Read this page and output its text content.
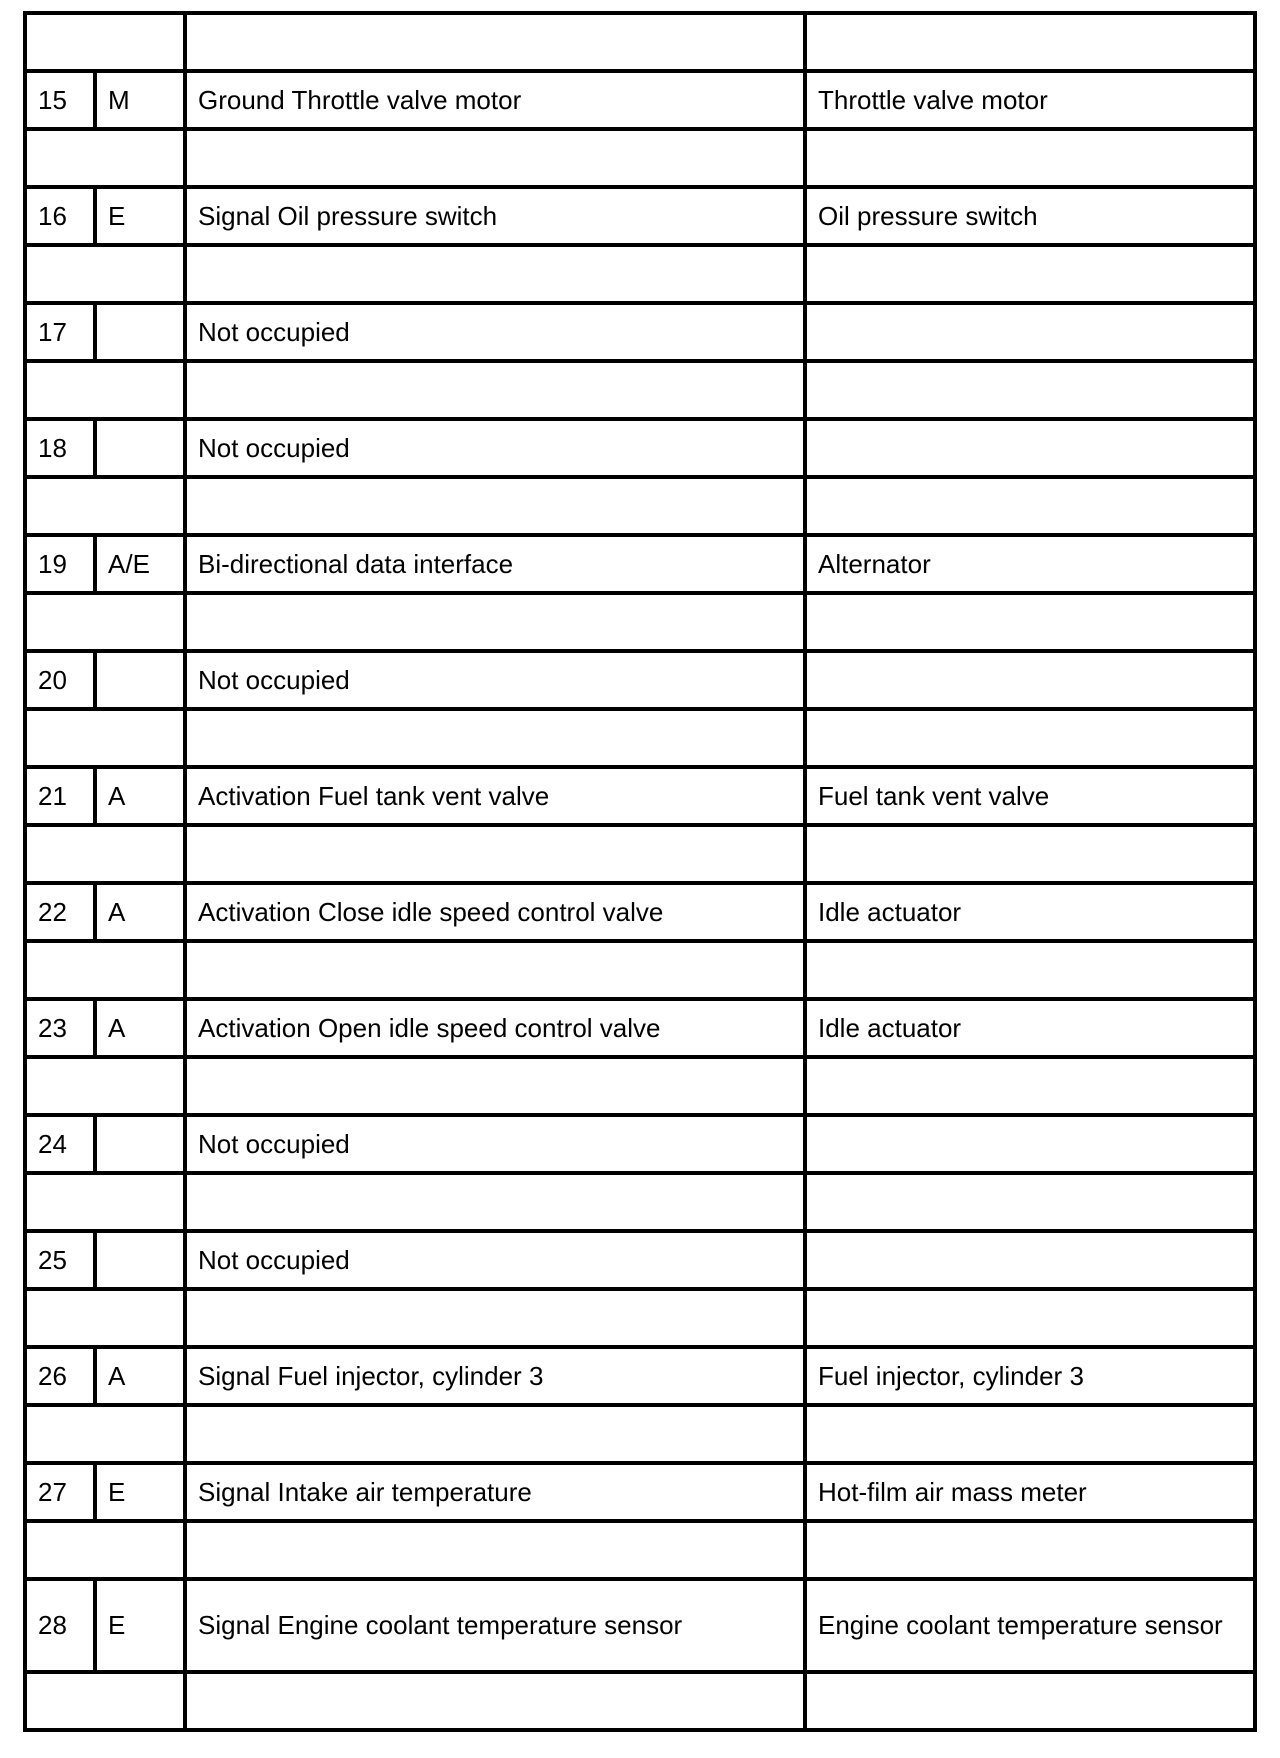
15	M	Ground Throttle valve motor	Throttle valve motor

16	E	Signal Oil pressure switch	Oil pressure switch

17		Not occupied	

18		Not occupied	

19	A/E	Bi-directional data interface	Alternator

20		Not occupied	

21	A	Activation Fuel tank vent valve	Fuel tank vent valve

22	A	Activation Close idle speed control valve	Idle actuator

23	A	Activation Open idle speed control valve	Idle actuator

24		Not occupied	

25		Not occupied	

26	A	Signal Fuel injector, cylinder 3	Fuel injector, cylinder 3

27	E	Signal Intake air temperature	Hot-film air mass meter

28	E	Signal Engine coolant temperature sensor	Engine coolant temperature sensor
